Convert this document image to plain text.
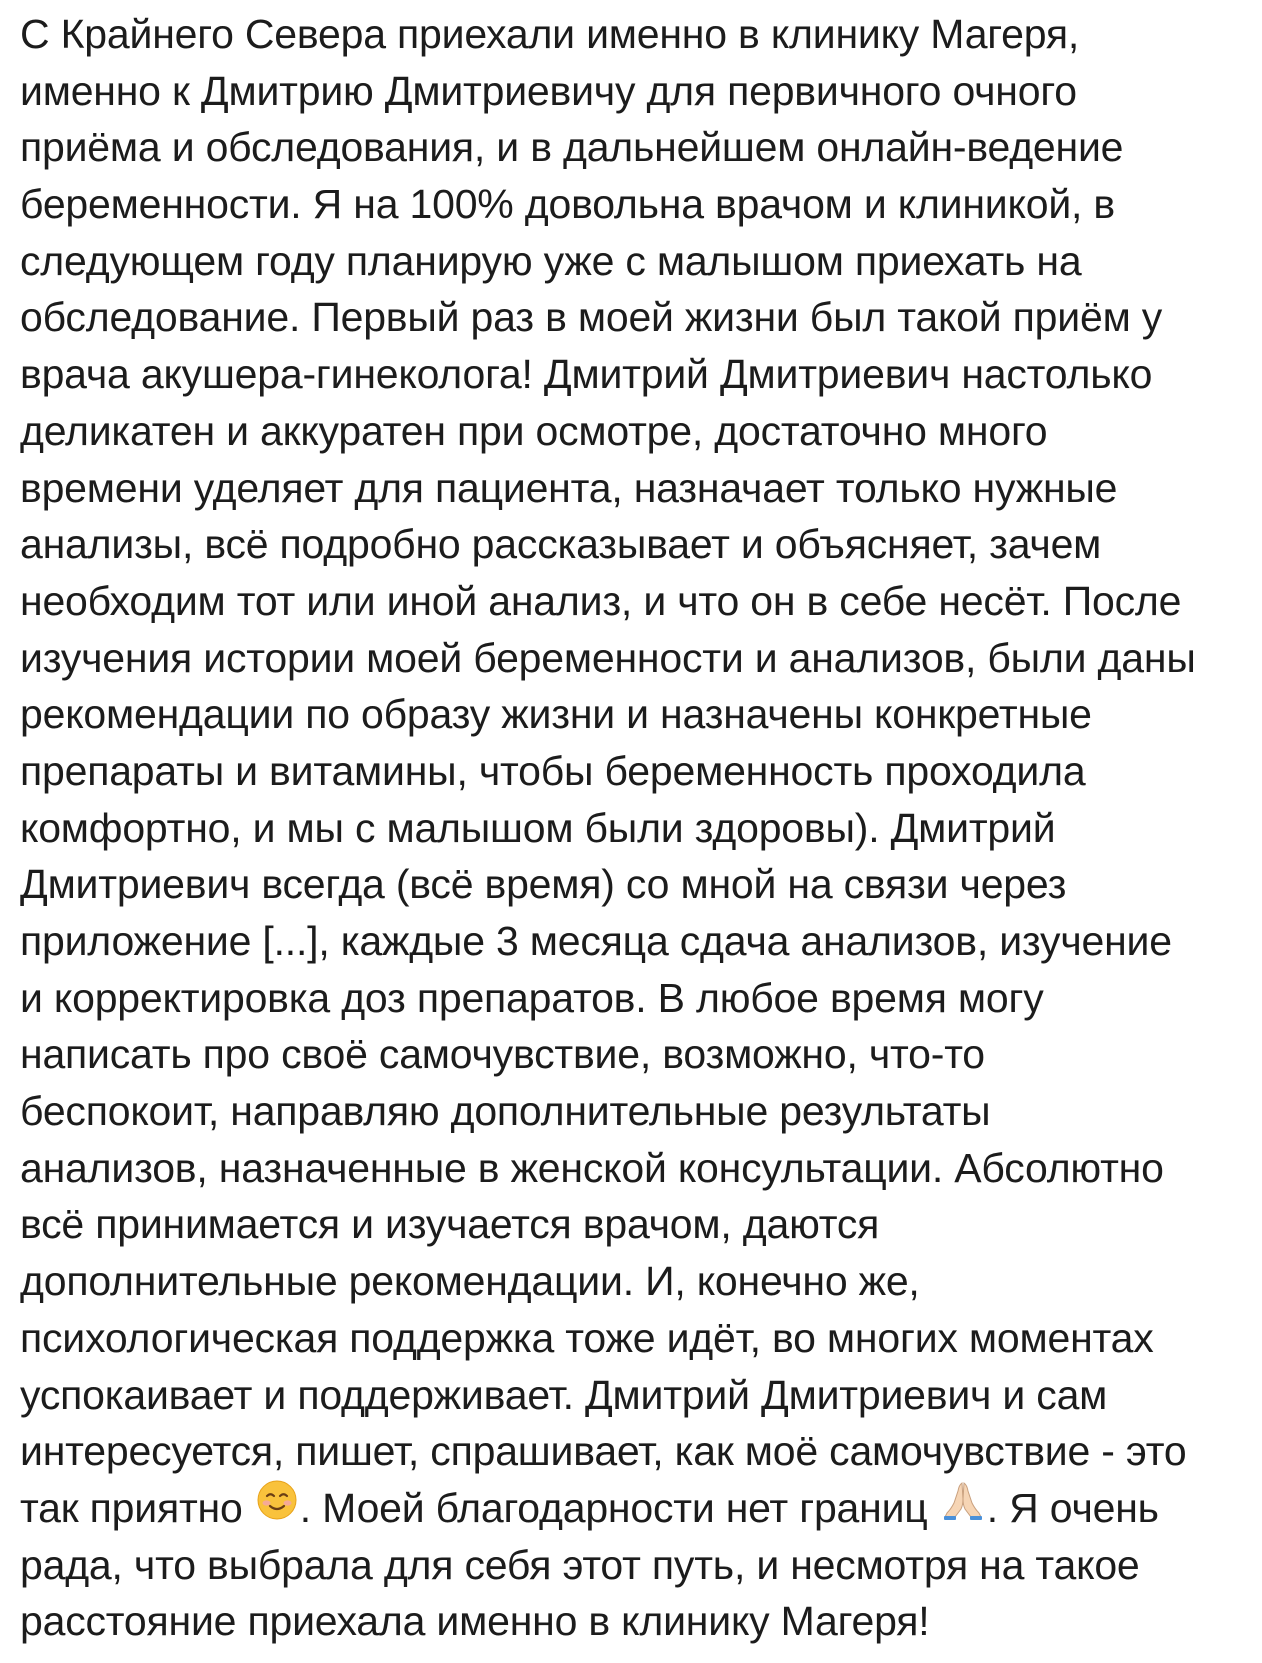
С Крайнего Севера приехали именно в клинику Магеря,
именно к Дмитрию Дмитриевичу для первичного очного
приёма и обследования, и в дальнейшем онлайн-ведение
беременности. Я на 100% довольна врачом и клиникой, в
следующем году планирую уже с малышом приехать на
обследование. Первый раз в моей жизни был такой приём у
врача акушера-гинеколога! Дмитрий Дмитриевич настолько
деликатен и аккуратен при осмотре, достаточно много
времени уделяет для пациента, назначает только нужные
анализы, всё подробно рассказывает и объясняет, зачем
необходим тот или иной анализ, и что он в себе несёт. После
изучения истории моей беременности и анализов, были даны
рекомендации по образу жизни и назначены конкретные
препараты и витамины, чтобы беременность проходила
комфортно, и мы с малышом были здоровы). Дмитрий
Дмитриевич всегда (всё время) со мной на связи через
приложение [...], каждые 3 месяца сдача анализов, изучение
и корректировка доз препаратов. В любое время могу
написать про своё самочувствие, возможно, что-то
беспокоит, направляю дополнительные результаты
анализов, назначенные в женской консультации. Абсолютно
всё принимается и изучается врачом, даются
дополнительные рекомендации. И, конечно же,
психологическая поддержка тоже идёт, во многих моментах
успокаивает и поддерживает. Дмитрий Дмитриевич и сам
интересуется, пишет, спрашивает, как моё самочувствие - это
так приятно . Моей благодарности нет границ . Я очень
рада, что выбрала для себя этот путь, и несмотря на такое
расстояние приехала именно в клинику Магеря!
